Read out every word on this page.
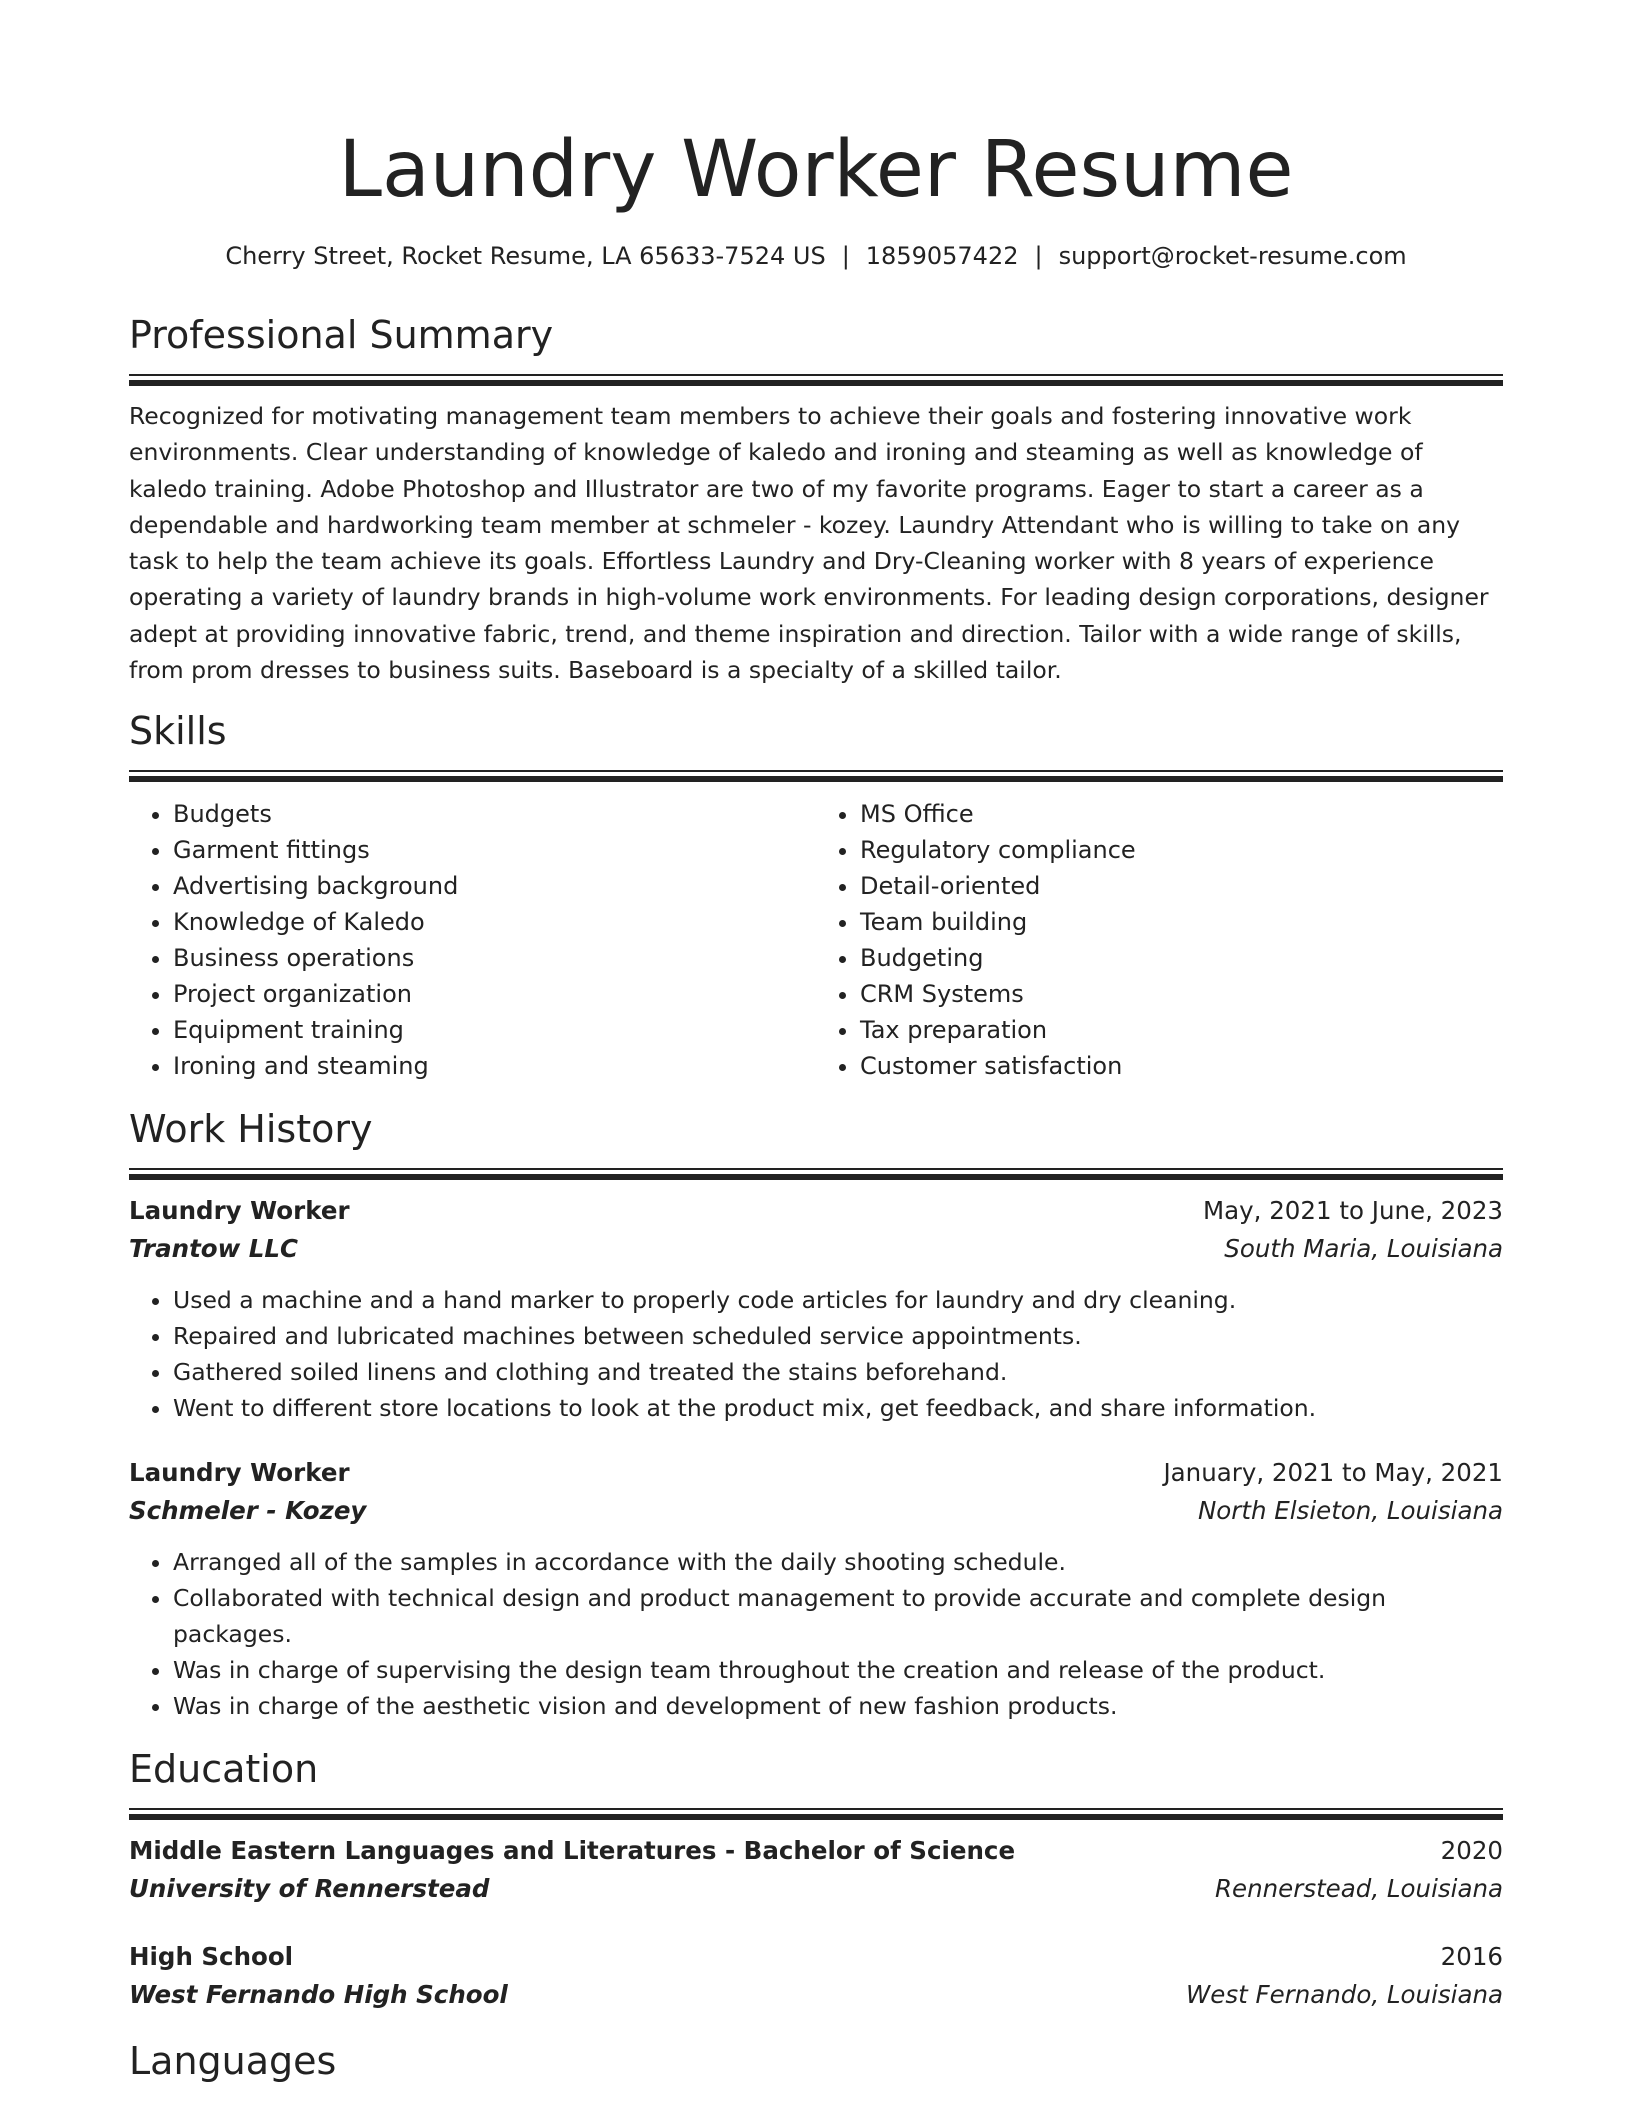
Laundry Worker Resume
Cherry Street, Rocket Resume, LA 65633-7524 US | 1859057422 | support@rocket-resume.com
Professional Summary
Recognized for motivating management team members to achieve their goals and fostering innovative work environments. Clear understanding of knowledge of kaledo and ironing and steaming as well as knowledge of kaledo training. Adobe Photoshop and Illustrator are two of my favorite programs. Eager to start a career as a dependable and hardworking team member at schmeler - kozey. Laundry Attendant who is willing to take on any task to help the team achieve its goals. Effortless Laundry and Dry-Cleaning worker with 8 years of experience operating a variety of laundry brands in high-volume work environments. For leading design corporations, designer adept at providing innovative fabric, trend, and theme inspiration and direction. Tailor with a wide range of skills, from prom dresses to business suits. Baseboard is a specialty of a skilled tailor.
Skills
• Budgets
• Garment fittings
• Advertising background
• Knowledge of Kaledo
• Business operations
• Project organization
• Equipment training
• Ironing and steaming
• MS Office
• Regulatory compliance
• Detail-oriented
• Team building
• Budgeting
• CRM Systems
• Tax preparation
• Customer satisfaction
Work History
Laundry Worker	May, 2021 to June, 2023
Trantow LLC	South Maria, Louisiana
• Used a machine and a hand marker to properly code articles for laundry and dry cleaning.
• Repaired and lubricated machines between scheduled service appointments.
• Gathered soiled linens and clothing and treated the stains beforehand.
• Went to different store locations to look at the product mix, get feedback, and share information.
Laundry Worker	January, 2021 to May, 2021
Schmeler - Kozey	North Elsieton, Louisiana
• Arranged all of the samples in accordance with the daily shooting schedule.
• Collaborated with technical design and product management to provide accurate and complete design packages.
• Was in charge of supervising the design team throughout the creation and release of the product.
• Was in charge of the aesthetic vision and development of new fashion products.
Education
Middle Eastern Languages and Literatures - Bachelor of Science	2020
University of Rennerstead	Rennerstead, Louisiana
High School	2016
West Fernando High School	West Fernando, Louisiana
Languages
